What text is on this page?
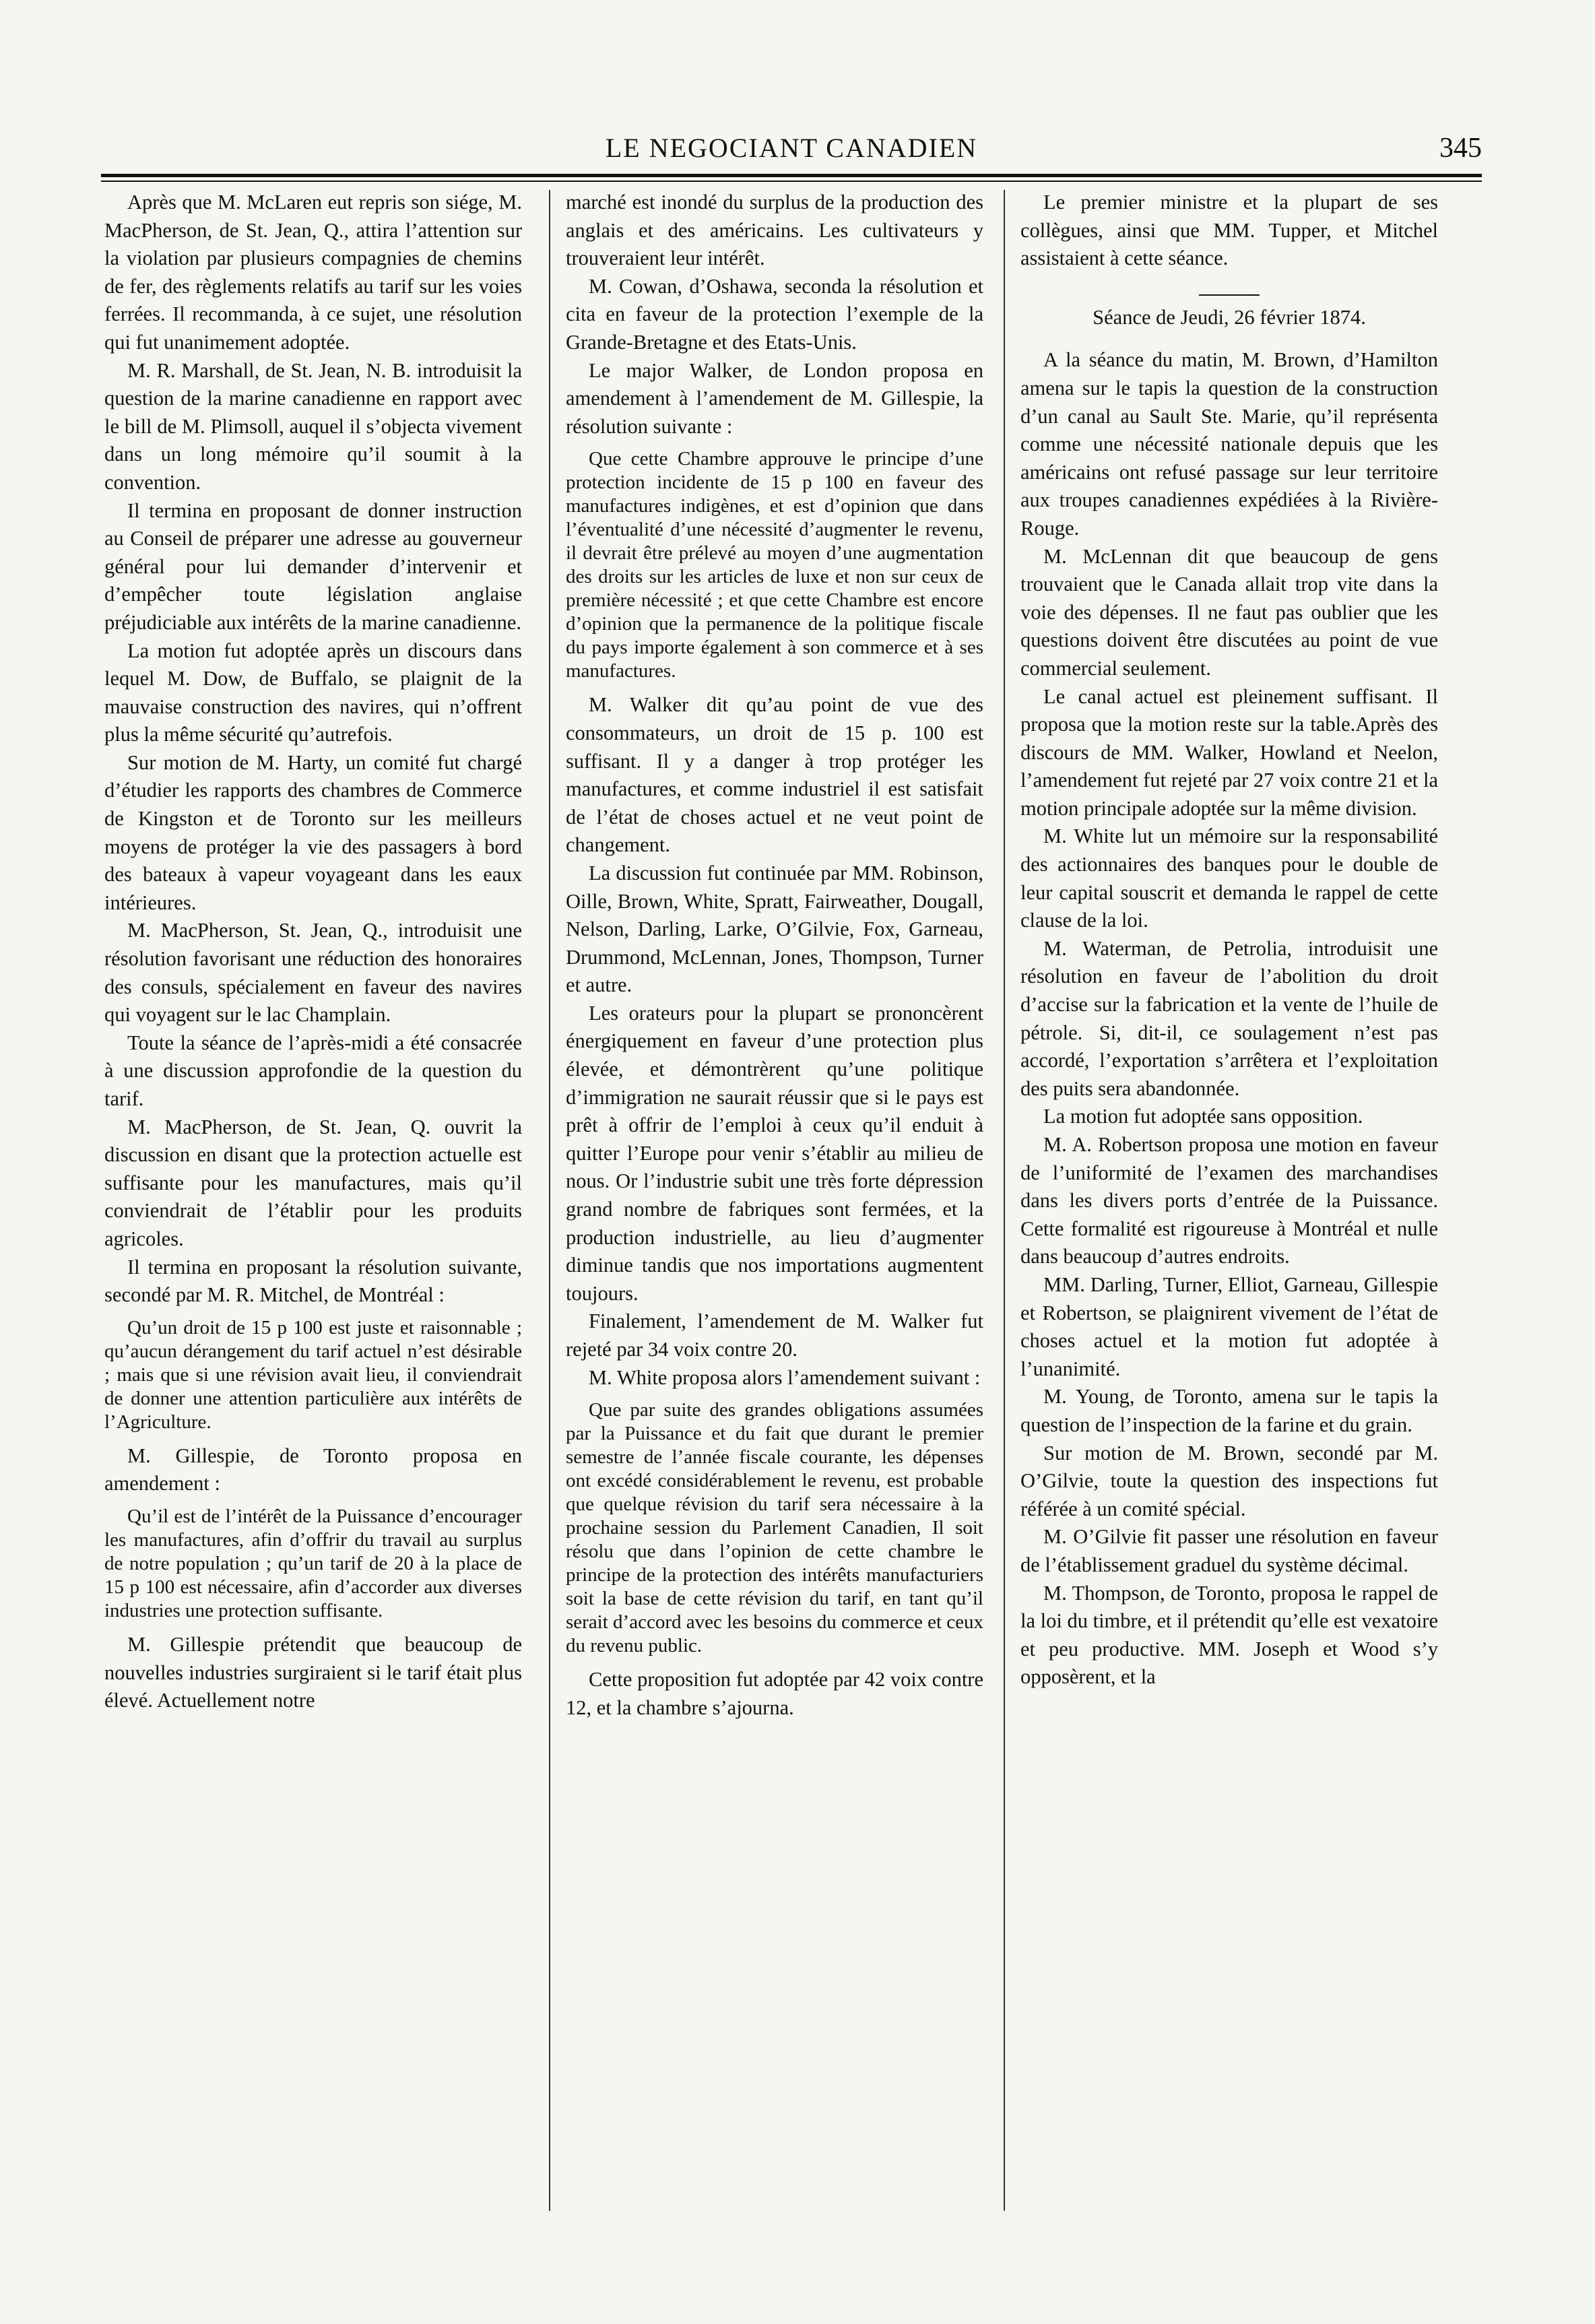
LE NEGOCIANT CANADIEN	345

Après que M. McLaren eut repris son siége, M. MacPherson, de St. Jean, Q., attira l’attention sur la violation par plusieurs compagnies de chemins de fer, des règlements relatifs au tarif sur les voies ferrées. Il recommanda, à ce sujet, une résolution qui fut unanimement adoptée.

M. R. Marshall, de St. Jean, N. B. introduisit la question de la marine canadienne en rapport avec le bill de M. Plimsoll, auquel il s’objecta vivement dans un long mémoire qu’il soumit à la convention.

Il termina en proposant de donner instruction au Conseil de préparer une adresse au gouverneur général pour lui demander d’intervenir et d’empêcher toute législation anglaise préjudiciable aux intérêts de la marine canadienne.

La motion fut adoptée après un discours dans lequel M. Dow, de Buffalo, se plaignit de la mauvaise construction des navires, qui n’offrent plus la même sécurité qu’autrefois.

Sur motion de M. Harty, un comité fut chargé d’étudier les rapports des chambres de Commerce de Kingston et de Toronto sur les meilleurs moyens de protéger la vie des passagers à bord des bateaux à vapeur voyageant dans les eaux intérieures.

M. MacPherson, St. Jean, Q., introduisit une résolution favorisant une réduction des honoraires des consuls, spécialement en faveur des navires qui voyagent sur le lac Champlain.

Toute la séance de l’après-midi a été consacrée à une discussion approfondie de la question du tarif.

M. MacPherson, de St. Jean, Q. ouvrit la discussion en disant que la protection actuelle est suffisante pour les manufactures, mais qu’il conviendrait de l’établir pour les produits agricoles.

Il termina en proposant la résolution suivante, secondé par M. R. Mitchel, de Montréal :

Qu’un droit de 15 p 100 est juste et raisonnable ; qu’aucun dérangement du tarif actuel n’est désirable ; mais que si une révision avait lieu, il conviendrait de donner une attention particulière aux intérêts de l’Agriculture.

M. Gillespie, de Toronto proposa en amendement :

Qu’il est de l’intérêt de la Puissance d’encourager les manufactures, afin d’offrir du travail au surplus de notre population ; qu’un tarif de 20 à la place de 15 p 100 est nécessaire, afin d’accorder aux diverses industries une protection suffisante.

M. Gillespie prétendit que beaucoup de nouvelles industries surgiraient si le tarif était plus élevé. Actuellement notre

marché est inondé du surplus de la production des anglais et des américains. Les cultivateurs y trouveraient leur intérêt.

M. Cowan, d’Oshawa, seconda la résolution et cita en faveur de la protection l’exemple de la Grande-Bretagne et des Etats-Unis.

Le major Walker, de London proposa en amendement à l’amendement de M. Gillespie, la résolution suivante :

Que cette Chambre approuve le principe d’une protection incidente de 15 p 100 en faveur des manufactures indigènes, et est d’opinion que dans l’éventualité d’une nécessité d’augmenter le revenu, il devrait être prélevé au moyen d’une augmentation des droits sur les articles de luxe et non sur ceux de première nécessité ; et que cette Chambre est encore d’opinion que la permanence de la politique fiscale du pays importe également à son commerce et à ses manufactures.

M. Walker dit qu’au point de vue des consommateurs, un droit de 15 p. 100 est suffisant. Il y a danger à trop protéger les manufactures, et comme industriel il est satisfait de l’état de choses actuel et ne veut point de changement.

La discussion fut continuée par MM. Robinson, Oille, Brown, White, Spratt, Fairweather, Dougall, Nelson, Darling, Larke, O’Gilvie, Fox, Garneau, Drummond, McLennan, Jones, Thompson, Turner et autre.

Les orateurs pour la plupart se prononcèrent énergiquement en faveur d’une protection plus élevée, et démontrèrent qu’une politique d’immigration ne saurait réussir que si le pays est prêt à offrir de l’emploi à ceux qu’il enduit à quitter l’Europe pour venir s’établir au milieu de nous. Or l’industrie subit une très forte dépression grand nombre de fabriques sont fermées, et la production industrielle, au lieu d’augmenter diminue tandis que nos importations augmentent toujours.

Finalement, l’amendement de M. Walker fut rejeté par 34 voix contre 20.

M. White proposa alors l’amendement suivant :

Que par suite des grandes obligations assumées par la Puissance et du fait que durant le premier semestre de l’année fiscale courante, les dépenses ont excédé considérablement le revenu, est probable que quelque révision du tarif sera nécessaire à la prochaine session du Parlement Canadien, Il soit résolu que dans l’opinion de cette chambre le principe de la protection des intérêts manufacturiers soit la base de cette révision du tarif, en tant qu’il serait d’accord avec les besoins du commerce et ceux du revenu public.

Cette proposition fut adoptée par 42 voix contre 12, et la chambre s’ajourna.

Le premier ministre et la plupart de ses collègues, ainsi que MM. Tupper, et Mitchel assistaient à cette séance.

Séance de Jeudi, 26 février 1874.

A la séance du matin, M. Brown, d’Hamilton amena sur le tapis la question de la construction d’un canal au Sault Ste. Marie, qu’il représenta comme une nécessité nationale depuis que les américains ont refusé passage sur leur territoire aux troupes canadiennes expédiées à la Rivière-Rouge.

M. McLennan dit que beaucoup de gens trouvaient que le Canada allait trop vite dans la voie des dépenses. Il ne faut pas oublier que les questions doivent être discutées au point de vue commercial seulement.

Le canal actuel est pleinement suffisant. Il proposa que la motion reste sur la table.Après des discours de MM. Walker, Howland et Neelon, l’amendement fut rejeté par 27 voix contre 21 et la motion principale adoptée sur la même division.

M. White lut un mémoire sur la responsabilité des actionnaires des banques pour le double de leur capital souscrit et demanda le rappel de cette clause de la loi.

M. Waterman, de Petrolia, introduisit une résolution en faveur de l’abolition du droit d’accise sur la fabrication et la vente de l’huile de pétrole. Si, dit-il, ce soulagement n’est pas accordé, l’exportation s’arrêtera et l’exploitation des puits sera abandonnée.

La motion fut adoptée sans opposition.

M. A. Robertson proposa une motion en faveur de l’uniformité de l’examen des marchandises dans les divers ports d’entrée de la Puissance. Cette formalité est rigoureuse à Montréal et nulle dans beaucoup d’autres endroits.

MM. Darling, Turner, Elliot, Garneau, Gillespie et Robertson, se plaignirent vivement de l’état de choses actuel et la motion fut adoptée à l’unanimité.

M. Young, de Toronto, amena sur le tapis la question de l’inspection de la farine et du grain.

Sur motion de M. Brown, secondé par M. O’Gilvie, toute la question des inspections fut référée à un comité spécial.

M. O’Gilvie fit passer une résolution en faveur de l’établissement graduel du système décimal.

M. Thompson, de Toronto, proposa le rappel de la loi du timbre, et il prétendit qu’elle est vexatoire et peu productive. MM. Joseph et Wood s’y opposèrent, et la
